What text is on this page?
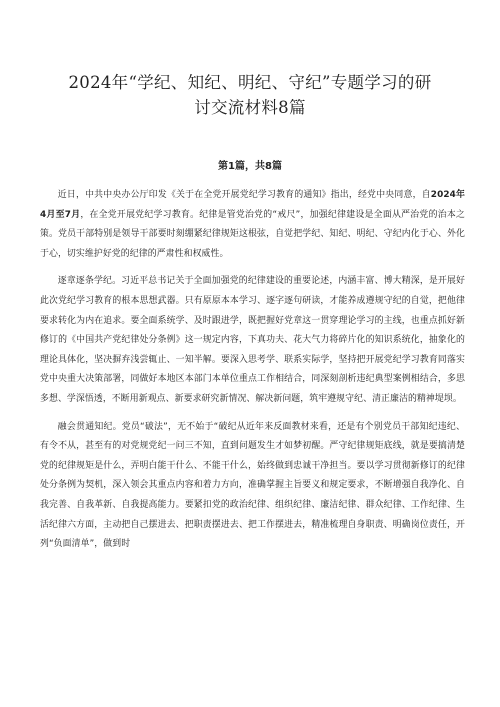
2024年“学纪、知纪、明纪、守纪”专题学习的研
讨交流材料8篇
第1篇，共8篇

近日，中共中央办公厅印发《关于在全党开展党纪学习教育的通知》指出，经党中央同意，自2024年4月至7月，在全党开展党纪学习教育。纪律是管党治党的“戒尺”，加强纪律建设是全面从严治党的治本之策。党员干部特别是领导干部要时刻绷紧纪律规矩这根弦，自觉把学纪、知纪、明纪、守纪内化于心、外化于心，切实维护好党的纪律的严肃性和权威性。

逐章逐条学纪。习近平总书记关于全面加强党的纪律建设的重要论述，内涵丰富、博大精深，是开展好此次党纪学习教育的根本思想武器。只有原原本本学习、逐字逐句研读，才能养成遵规守纪的自觉，把他律要求转化为内在追求。要全面系统学、及时跟进学，既把握好党章这一贯穿理论学习的主线，也重点抓好新修订的《中国共产党纪律处分条例》这一规定内容，下真功夫、花大气力将碎片化的知识系统化，抽象化的理论具体化，坚决摒弃浅尝辄止、一知半解。要深入思考学、联系实际学，坚持把开展党纪学习教育同落实党中央重大决策部署，同做好本地区本部门本单位重点工作相结合，同深刻剖析违纪典型案例相结合，多思多想、学深悟透，不断用新观点、新要求研究新情况、解决新问题，筑牢遵规守纪、清正廉洁的精神堤坝。

融会贯通知纪。党员“破法”，无不始于“破纪从近年来反面教材来看，还是有个别党员干部知纪违纪、有令不从，甚至有的对党规党纪一问三不知，直到问题发生才如梦初醒。严守纪律规矩底线，就是要搞清楚党的纪律规矩是什么，弄明白能干什么、不能干什么，始终做到忠诚干净担当。要以学习贯彻新修订的纪律处分条例为契机，深入领会其重点内容和着力方向，准确掌握主旨要义和规定要求，不断增强自我净化、自我完善、自我革新、自我提高能力。要紧扣党的政治纪律、组织纪律、廉洁纪律、群众纪律、工作纪律、生活纪律六方面，主动把自己摆进去、把职责摆进去、把工作摆进去，精准梳理自身职责、明确岗位责任，开列“负面清单”，做到时
